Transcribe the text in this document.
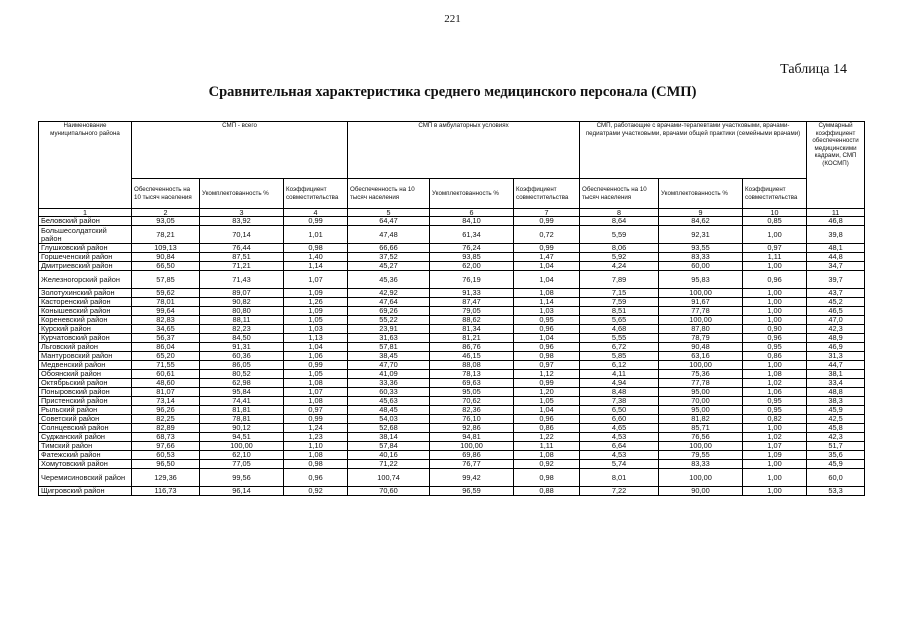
221
Таблица 14
Сравнительная характеристика среднего медицинского персонала (СМП)
Наименование муниципального района	СМП - всего			СМП в амбулаторных условиях			СМП, работающие с врачами-терапевтами участковыми, врачами-педиатрами участковыми, врачами общей практики (семейными врачами)			Суммарный коэффициент обеспеченности медицинскими кадрами, СМП (КОСМП)
	Обеспеченность на 10 тысяч населения	Укомплектованность %	Коэффициент совместительства	Обеспеченность на 10 тысяч населения	Укомплектованность %	Коэффициент совместительства	Обеспеченность на 10 тысяч населения	Укомплектованность %	Коэффициент совместительства	
1	2	3	4	5	6	7	8	9	10	11
Беловский район	93,05	83,92	0,99	64,47	84,10	0,99	8,64	84,62	0,85	46,8
Большесолдатский район	78,21	70,14	1,01	47,48	61,34	0,72	5,59	92,31	1,00	39,8
Глушковский район	109,13	76,44	0,98	66,66	76,24	0,99	8,06	93,55	0,97	48,1
Горшеченский район	90,84	87,51	1,40	37,52	93,85	1,47	5,92	83,33	1,11	44,8
Дмитриевский район	66,50	71,21	1,14	45,27	62,00	1,04	4,24	60,00	1,00	34,7
Железногорский район	57,85	71,43	1,07	45,36	76,19	1,04	7,89	95,83	0,96	39,7
Золотухинский район	59,62	89,07	1,09	42,92	91,33	1,08	7,15	100,00	1,00	43,7
Касторенский район	78,01	90,82	1,26	47,64	87,47	1,14	7,59	91,67	1,00	45,2
Конышевский район	99,64	80,80	1,09	69,26	79,05	1,03	8,51	77,78	1,00	46,5
Кореневский район	82,83	88,11	1,05	55,22	88,62	0,95	5,65	100,00	1,00	47,0
Курский район	34,65	82,23	1,03	23,91	81,34	0,96	4,68	87,80	0,90	42,3
Курчатовский район	56,37	84,50	1,13	31,63	81,21	1,04	5,55	78,79	0,96	48,9
Льговский район	86,04	91,31	1,04	57,81	86,76	0,96	6,72	90,48	0,95	46,9
Мантуровский район	65,20	60,36	1,06	38,45	46,15	0,98	5,85	63,16	0,86	31,3
Медвенский район	71,55	86,05	0,99	47,70	88,08	0,97	6,12	100,00	1,00	44,7
Обоянский район	60,61	80,52	1,05	41,09	78,13	1,12	4,11	75,36	1,08	38,1
Октябрьский район	48,60	62,98	1,08	33,36	69,63	0,99	4,94	77,78	1,02	33,4
Поныровский район	81,07	95,84	1,07	60,33	95,05	1,20	8,48	95,00	1,06	48,8
Пристенский район	73,14	74,41	1,08	45,63	70,62	1,05	7,38	70,00	0,95	38,3
Рыльский район	96,26	81,81	0,97	48,45	82,36	1,04	6,50	95,00	0,95	45,9
Советский район	82,25	78,81	0,99	54,03	76,10	0,96	6,60	81,82	0,82	42,5
Солнцевский район	82,89	90,12	1,24	52,68	92,86	0,86	4,65	85,71	1,00	45,8
Суджанский район	68,73	94,51	1,23	38,14	94,81	1,22	4,53	76,56	1,02	42,3
Тимский район	97,66	100,00	1,10	57,84	100,00	1,11	6,64	100,00	1,07	51,7
Фатежский район	60,53	62,10	1,08	40,16	69,86	1,08	4,53	79,55	1,09	35,6
Хомутовский район	96,50	77,05	0,98	71,22	76,77	0,92	5,74	83,33	1,00	45,9
Черемисиновский район	129,36	99,56	0,96	100,74	99,42	0,98	8,01	100,00	1,00	60,0
Щигровский район	116,73	96,14	0,92	70,60	96,59	0,88	7,22	90,00	1,00	53,3
